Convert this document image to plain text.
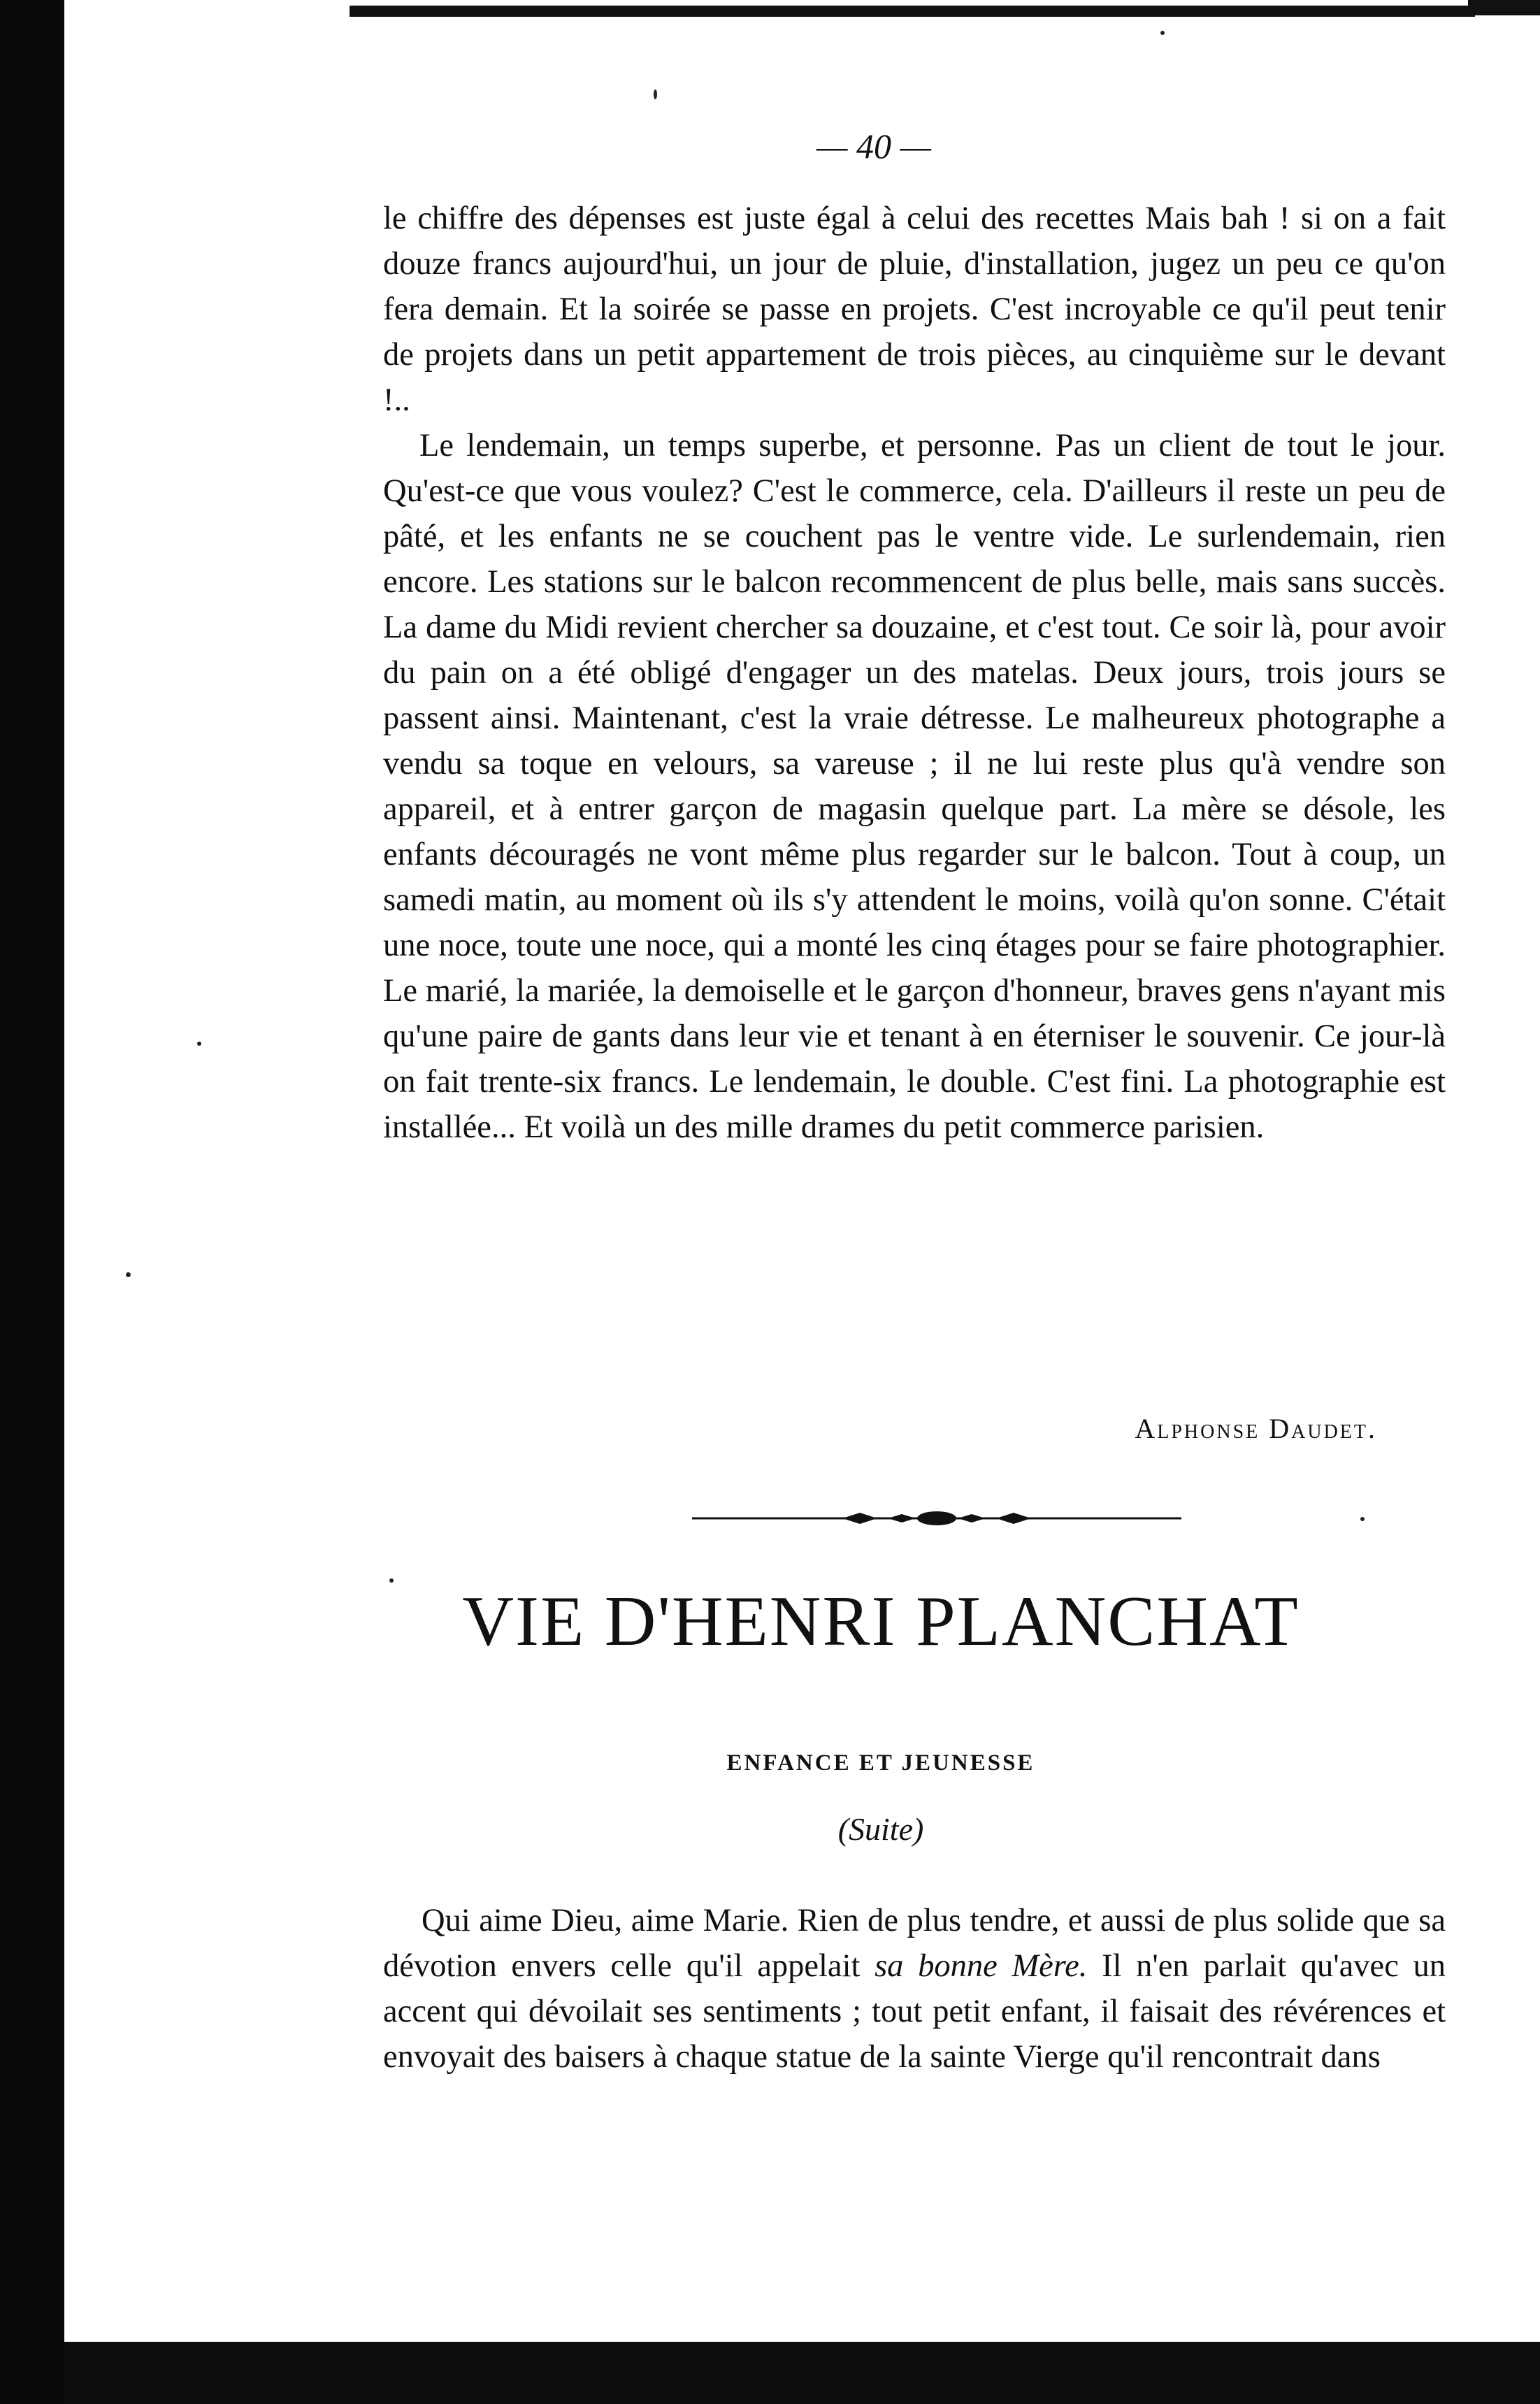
— 40 —

le chiffre des dépenses est juste égal à celui des recettes Mais bah ! si on a fait douze francs aujourd'hui, un jour de pluie, d'installation, jugez un peu ce qu'on fera demain. Et la soirée se passe en projets. C'est incroyable ce qu'il peut tenir de projets dans un petit appartement de trois pièces, au cinquième sur le devant !..

Le lendemain, un temps superbe, et personne. Pas un client de tout le jour. Qu'est-ce que vous voulez? C'est le commerce, cela. D'ailleurs il reste un peu de pâté, et les enfants ne se couchent pas le ventre vide. Le surlendemain, rien encore. Les stations sur le balcon recommencent de plus belle, mais sans succès. La dame du Midi revient chercher sa douzaine, et c'est tout. Ce soir là, pour avoir du pain on a été obligé d'engager un des matelas. Deux jours, trois jours se passent ainsi. Maintenant, c'est la vraie détresse. Le malheureux photographe a vendu sa toque en velours, sa vareuse ; il ne lui reste plus qu'à vendre son appareil, et à entrer garçon de magasin quelque part. La mère se désole, les enfants découragés ne vont même plus regarder sur le balcon. Tout à coup, un samedi matin, au moment où ils s'y attendent le moins, voilà qu'on sonne. C'était une noce, toute une noce, qui a monté les cinq étages pour se faire photographier. Le marié, la mariée, la demoiselle et le garçon d'honneur, braves gens n'ayant mis qu'une paire de gants dans leur vie et tenant à en éterniser le souvenir. Ce jour-là on fait trente-six francs. Le lendemain, le double. C'est fini. La photographie est installée... Et voilà un des mille drames du petit commerce parisien.

Alphonse Daudet.
VIE D'HENRI PLANCHAT
ENFANCE ET JEUNESSE
(Suite)

Qui aime Dieu, aime Marie. Rien de plus tendre, et aussi de plus solide que sa dévotion envers celle qu'il appelait sa bonne Mère. Il n'en parlait qu'avec un accent qui dévoilait ses sentiments ; tout petit enfant, il faisait des révérences et envoyait des baisers à chaque statue de la sainte Vierge qu'il rencontrait dans
